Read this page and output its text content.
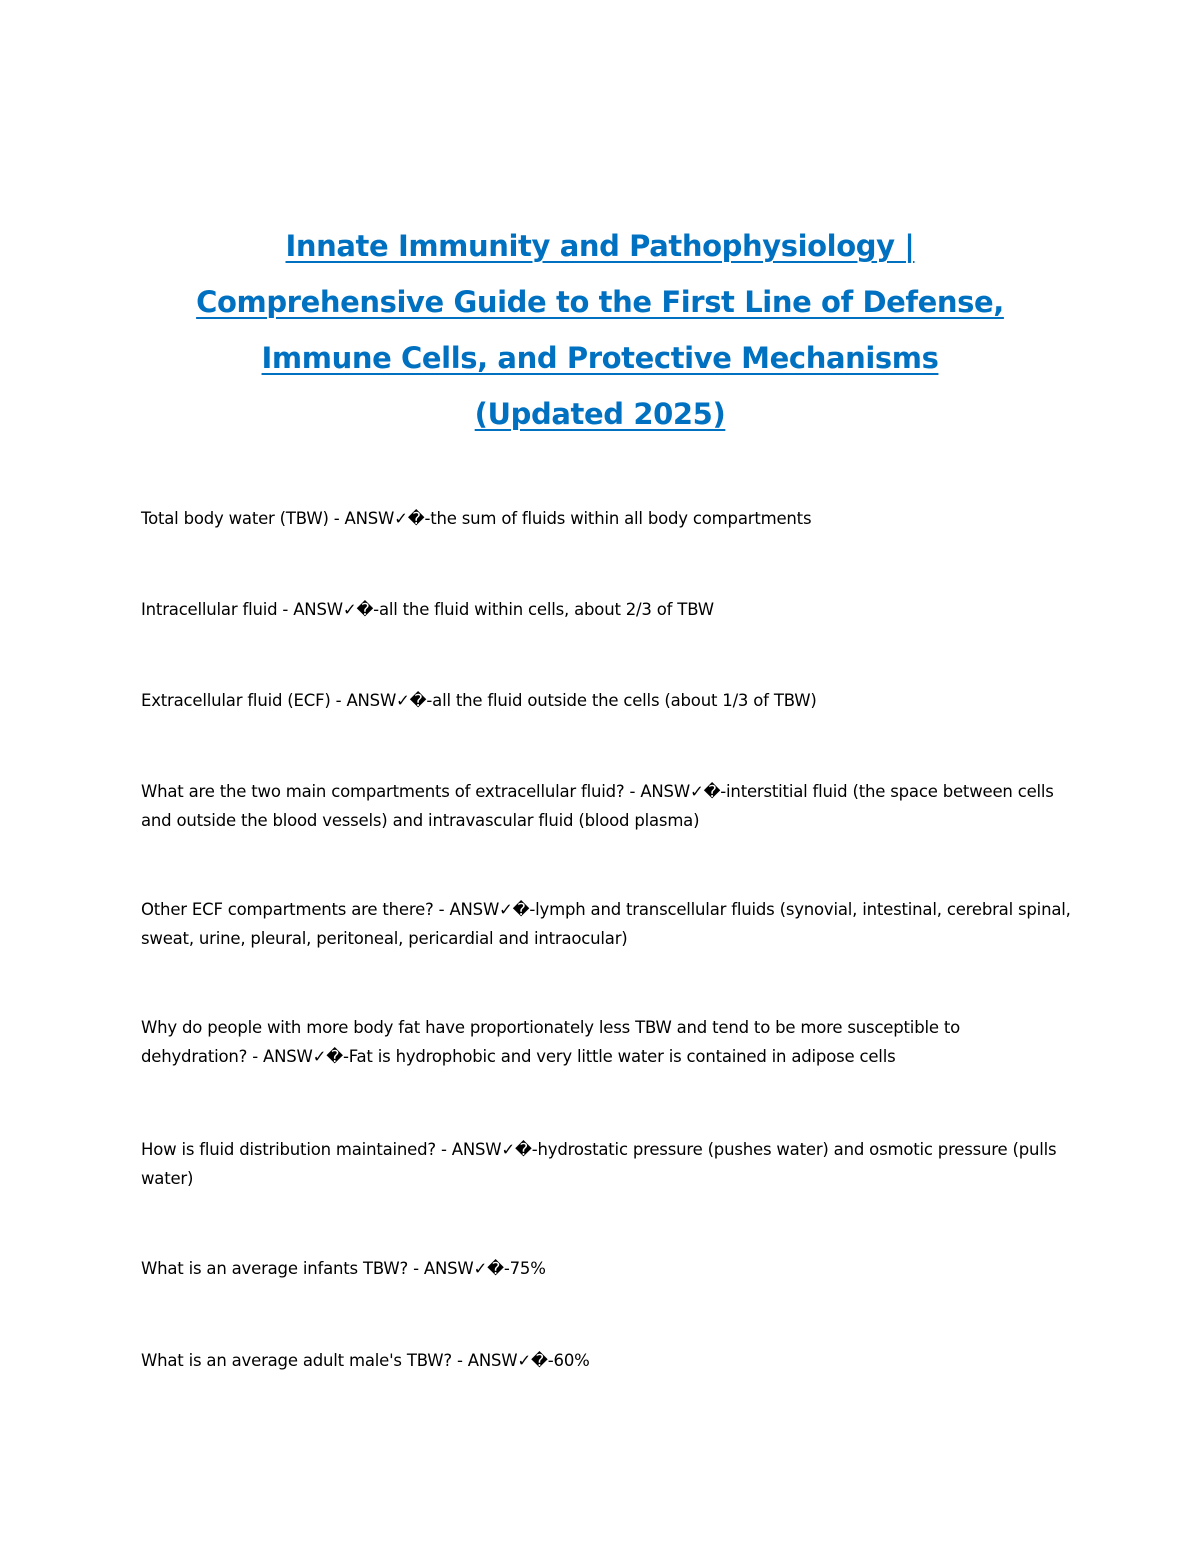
Innate Immunity and Pathophysiology |
Comprehensive Guide to the First Line of Defense,
Immune Cells, and Protective Mechanisms
(Updated 2025)
Total body water (TBW) - ANSW✓�-the sum of fluids within all body compartments
Intracellular fluid - ANSW✓�-all the fluid within cells, about 2/3 of TBW
Extracellular fluid (ECF) - ANSW✓�-all the fluid outside the cells (about 1/3 of TBW)
What are the two main compartments of extracellular fluid? - ANSW✓�-interstitial fluid (the space between cells and outside the blood vessels) and intravascular fluid (blood plasma)
Other ECF compartments are there? - ANSW✓�-lymph and transcellular fluids (synovial, intestinal, cerebral spinal, sweat, urine, pleural, peritoneal, pericardial and intraocular)
Why do people with more body fat have proportionately less TBW and tend to be more susceptible to dehydration? - ANSW✓�-Fat is hydrophobic and very little water is contained in adipose cells
How is fluid distribution maintained? - ANSW✓�-hydrostatic pressure (pushes water) and osmotic pressure (pulls water)
What is an average infants TBW? - ANSW✓�-75%
What is an average adult male's TBW? - ANSW✓�-60%
